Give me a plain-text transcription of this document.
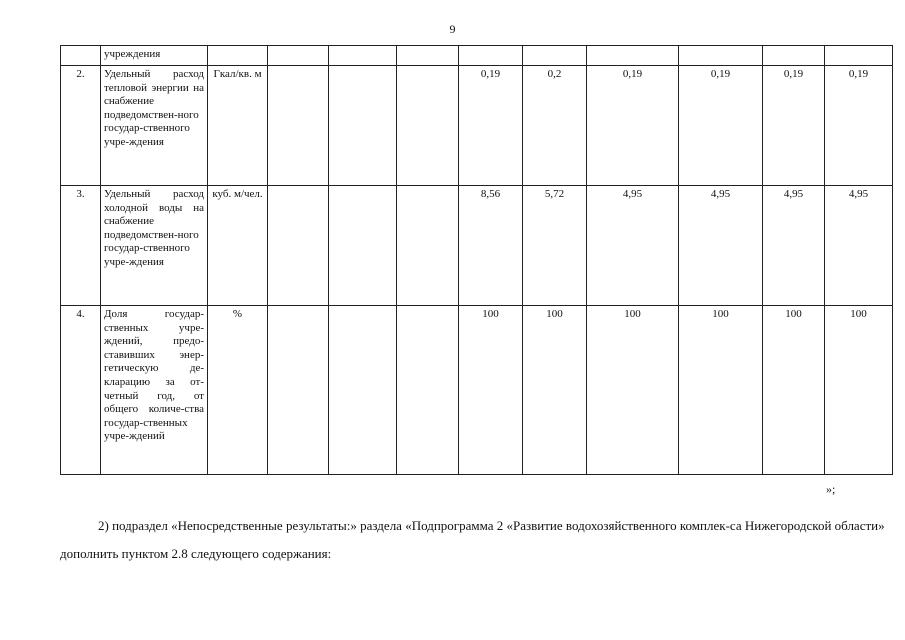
9
	учреждения										
2.	Удельный расход тепловой энергии на снабжение подведомствен-ного государ-ственного учре-ждения	Гкал/кв. м				0,19	0,2	0,19	0,19	0,19	0,19
3.	Удельный расход холодной воды на снабжение подведомствен-ного государ-ственного учре-ждения	куб. м/чел.				8,56	5,72	4,95	4,95	4,95	4,95
4.	Доля государ-ственных учре-ждений, предо-ставивших энер-гетическую де-кларацию за от-четный год, от общего количе-ства государ-ственных учре-ждений	%				100	100	100	100	100	100
»;

2) подраздел «Непосредственные результаты:» раздела «Подпрограмма 2 «Развитие водохозяйственного комплек-са Нижегородской области» дополнить пунктом 2.8 следующего содержания:
